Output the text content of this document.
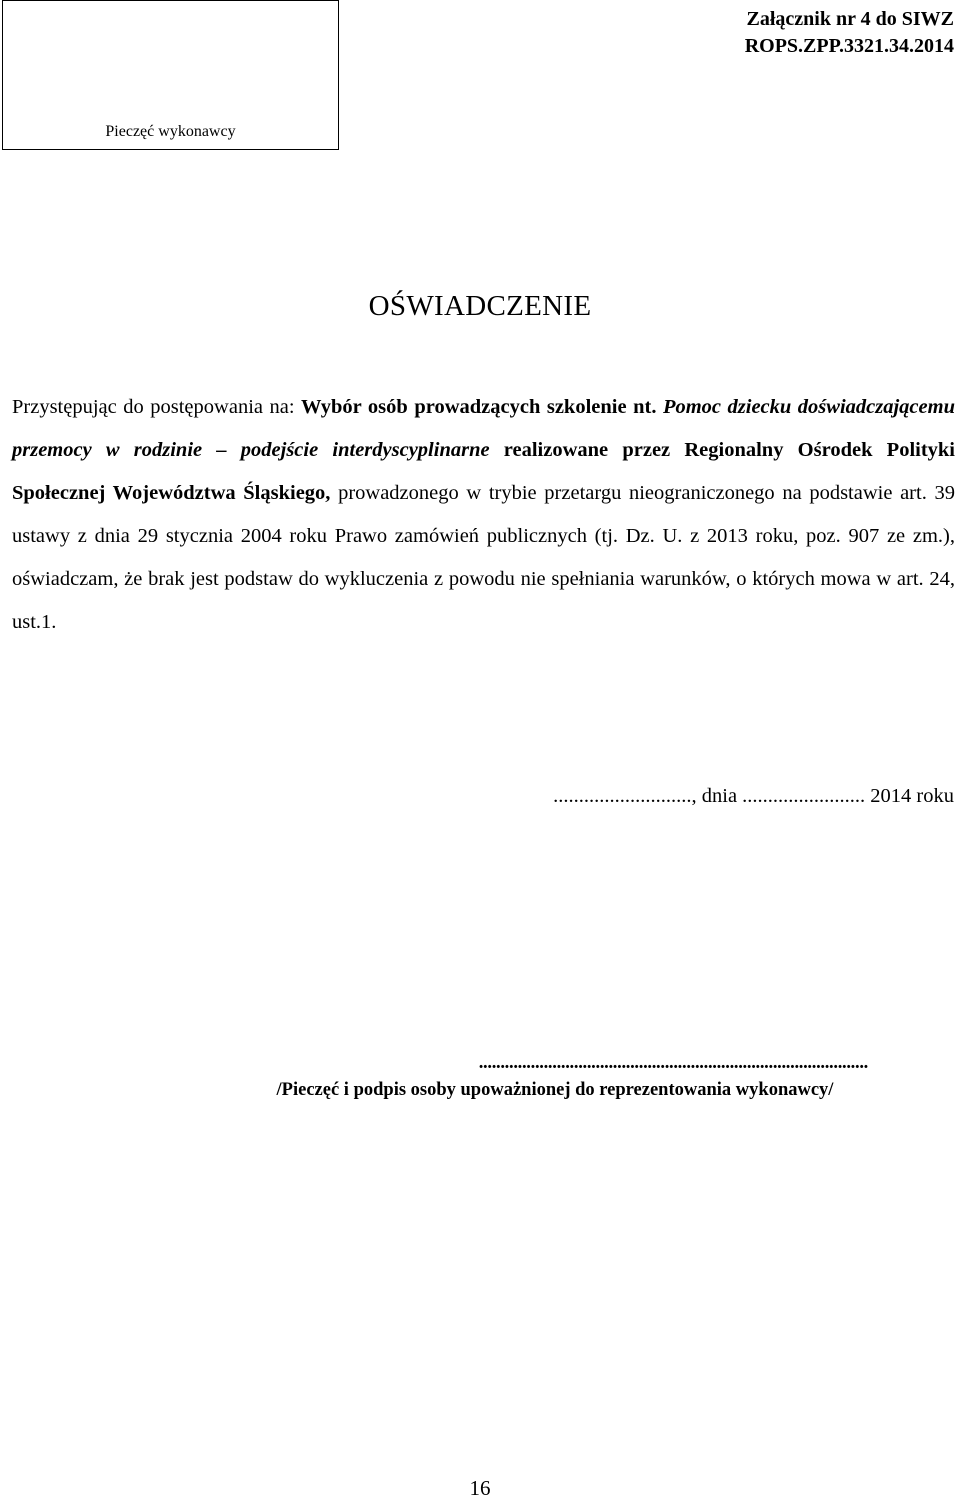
Pieczęć wykonawcy
Załącznik nr 4 do SIWZ
ROPS.ZPP.3321.34.2014
OŚWIADCZENIE

Przystępując do postępowania na: Wybór osób prowadzących szkolenie nt. Pomoc dziecku doświadczającemu przemocy w rodzinie – podejście interdyscyplinarne realizowane przez Regionalny Ośrodek Polityki Społecznej Województwa Śląskiego, prowadzonego w trybie przetargu nieograniczonego na podstawie art. 39 ustawy z dnia 29 stycznia 2004 roku Prawo zamówień publicznych (tj. Dz. U. z 2013 roku, poz. 907 ze zm.), oświadczam, że brak jest podstaw do wykluczenia z powodu nie spełniania warunków, o których mowa w art. 24, ust.1.

..........................., dnia ........................ 2014 roku
..........................................................................................
/Pieczęć i podpis osoby upoważnionej do reprezentowania wykonawcy/
16
